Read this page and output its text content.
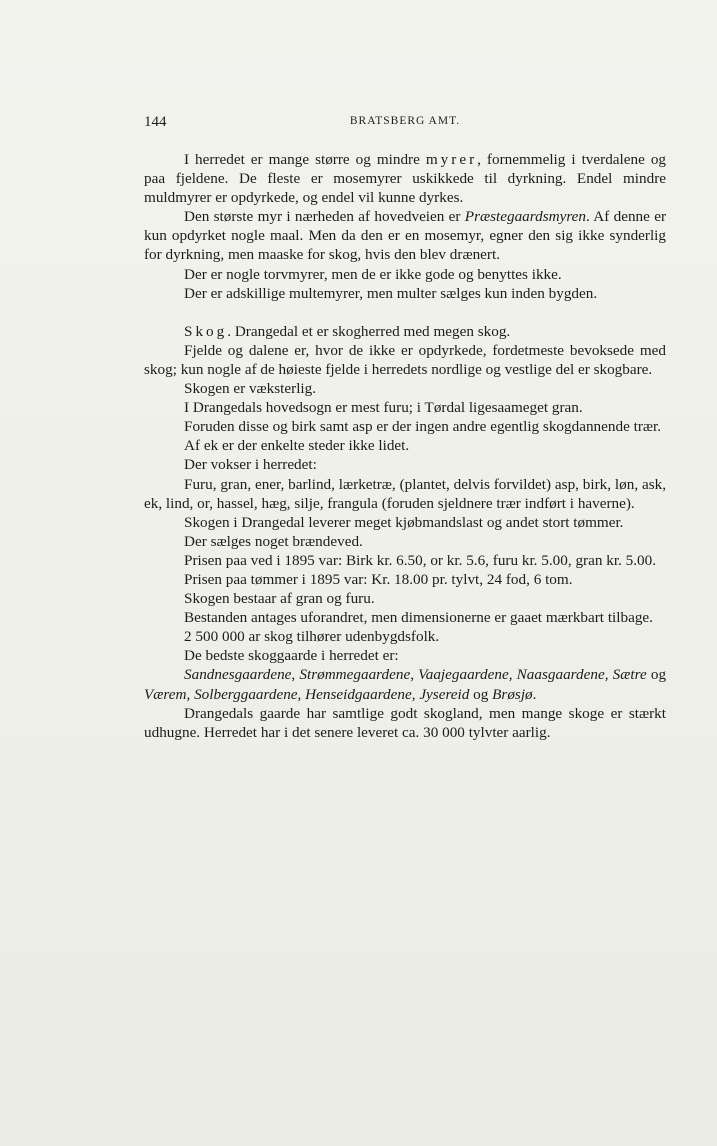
144	BRATSBERG AMT.

I herredet er mange større og mindre myrer, fornemmelig i tverdalene og paa fjeldene. De fleste er mosemyrer uskikkede til dyrkning. Endel mindre muldmyrer er opdyrkede, og endel vil kunne dyrkes.

Den største myr i nærheden af hovedveien er Præstegaardsmyren. Af denne er kun opdyrket nogle maal. Men da den er en mosemyr, egner den sig ikke synderlig for dyrkning, men maaske for skog, hvis den blev drænert.

Der er nogle torvmyrer, men de er ikke gode og benyttes ikke.

Der er adskillige multemyrer, men multer sælges kun inden bygden.

Skog. Drangedal et er skogherred med megen skog.

Fjelde og dalene er, hvor de ikke er opdyrkede, fordetmeste bevoksede med skog; kun nogle af de høieste fjelde i herredets nordlige og vestlige del er skogbare.

Skogen er væksterlig.

I Drangedals hovedsogn er mest furu; i Tørdal ligesaameget gran.

Foruden disse og birk samt asp er der ingen andre egentlig skogdannende trær.

Af ek er der enkelte steder ikke lidet.

Der vokser i herredet:

Furu, gran, ener, barlind, lærketræ, (plantet, delvis forvildet) asp, birk, løn, ask, ek, lind, or, hassel, hæg, silje, frangula (foruden sjeldnere trær indført i haverne).

Skogen i Drangedal leverer meget kjøbmandslast og andet stort tømmer.

Der sælges noget brændeved.

Prisen paa ved i 1895 var: Birk kr. 6.50, or kr. 5.6, furu kr. 5.00, gran kr. 5.00.

Prisen paa tømmer i 1895 var: Kr. 18.00 pr. tylvt, 24 fod, 6 tom.

Skogen bestaar af gran og furu.

Bestanden antages uforandret, men dimensionerne er gaaet mærkbart tilbage.

2 500 000 ar skog tilhører udenbygdsfolk.

De bedste skoggaarde i herredet er:

Sandnesgaardene, Strømmegaardene, Vaajegaardene, Naasgaardene, Sætre og Værem, Solberggaardene, Henseidgaardene, Jysereid og Brøsjø.

Drangedals gaarde har samtlige godt skogland, men mange skoge er stærkt udhugne. Herredet har i det senere leveret ca. 30 000 tylvter aarlig.
